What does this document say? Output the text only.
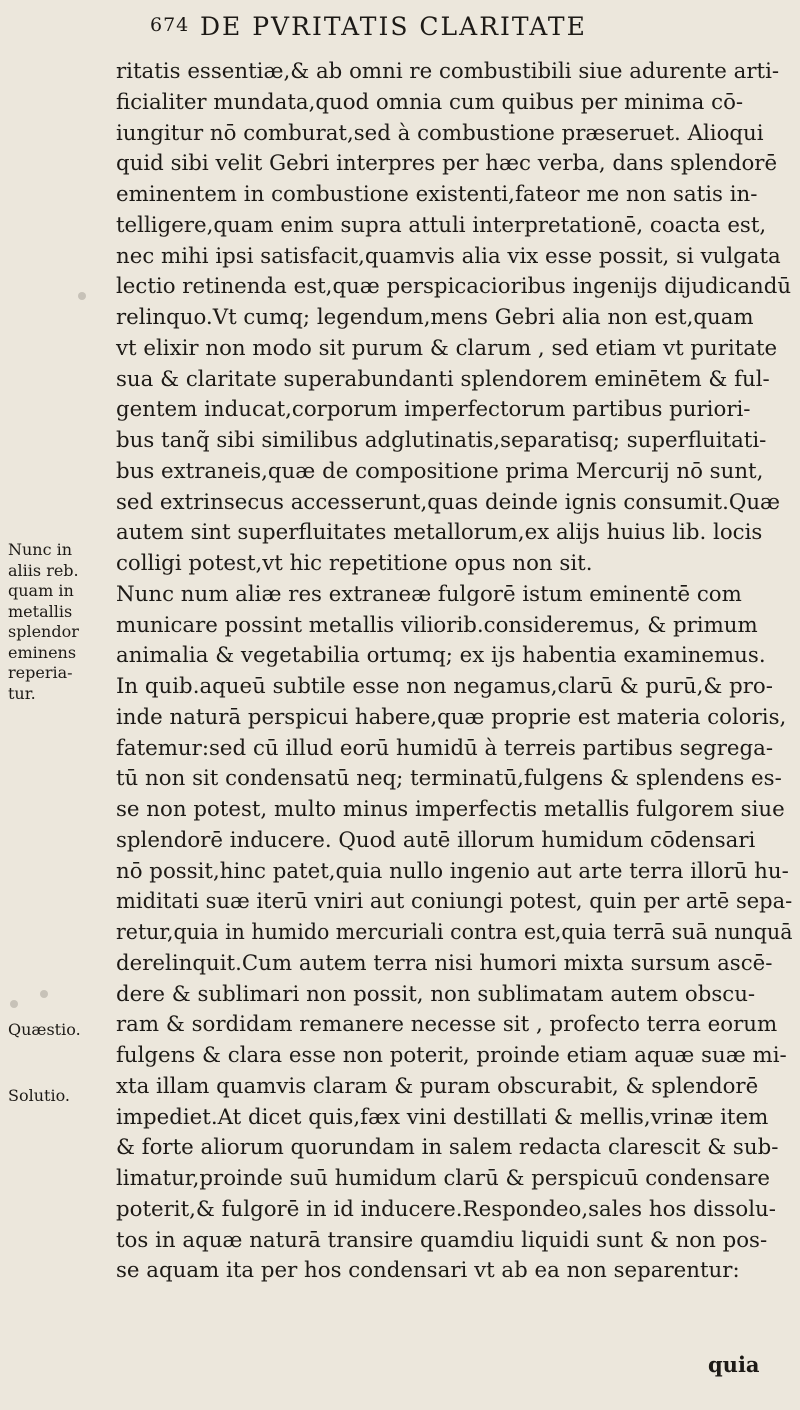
674 DE PVRITATIS CLARITATE
Nunc in
aliis reb.
quam in
metallis
splendor
eminens
reperia-
tur.
Quæstio.
Solutio.
ritatis essentiæ,& ab omni re combustibili siue adurente arti-
ficialiter mundata,quod omnia cum quibus per minima cō-
iungitur nō comburat,sed à combustione præseruet. Alioqui
quid sibi velit Gebri interpres per hæc verba, dans splendorē
eminentem in combustione existenti,fateor me non satis in-
telligere,quam enim supra attuli interpretationē, coacta est,
nec mihi ipsi satisfacit,quamvis alia vix esse possit, si vulgata
lectio retinenda est,quæ perspicacioribus ingenijs dijudicandū
relinquo.Vt cumq; legendum,mens Gebri alia non est,quam
vt elixir non modo sit purum & clarum , sed etiam vt puritate
sua & claritate superabundanti splendorem eminētem & ful-
gentem inducat,corporum imperfectorum partibus puriori-
bus tanq̃ sibi similibus adglutinatis,separatisq; superfluitati-
bus extraneis,quæ de compositione prima Mercurij nō sunt,
sed extrinsecus accesserunt,quas deinde ignis consumit.Quæ
autem sint superfluitates metallorum,ex alijs huius lib. locis
colligi potest,vt hic repetitione opus non sit.
Nunc num aliæ res extraneæ fulgorē istum eminentē com
municare possint metallis viliorib.consideremus, & primum
animalia & vegetabilia ortumq; ex ijs habentia examinemus.
In quib.aqueū subtile esse non negamus,clarū & purū,& pro-
inde naturā perspicui habere,quæ proprie est materia coloris,
fatemur:sed cū illud eorū humidū à terreis partibus segrega-
tū non sit condensatū neq; terminatū,fulgens & splendens es-
se non potest, multo minus imperfectis metallis fulgorem siue
splendorē inducere. Quod autē illorum humidum cōdensari
nō possit,hinc patet,quia nullo ingenio aut arte terra illorū hu-
miditati suæ iterū vniri aut coniungi potest, quin per artē sepa-
retur,quia in humido mercuriali contra est,quia terrā suā nunquā
derelinquit.Cum autem terra nisi humori mixta sursum ascē-
dere & sublimari non possit, non sublimatam autem obscu-
ram & sordidam remanere necesse sit , profecto terra eorum
fulgens & clara esse non poterit, proinde etiam aquæ suæ mi-
xta illam quamvis claram & puram obscurabit, & splendorē
impediet.At dicet quis,fæx vini destillati & mellis,vrinæ item
& forte aliorum quorundam in salem redacta clarescit & sub-
limatur,proinde suū humidum clarū & perspicuū condensare
poterit,& fulgorē in id inducere.Respondeo,sales hos dissolu-
tos in aquæ naturā transire quamdiu liquidi sunt & non pos-
se aquam ita per hos condensari vt ab ea non separentur:
quia
